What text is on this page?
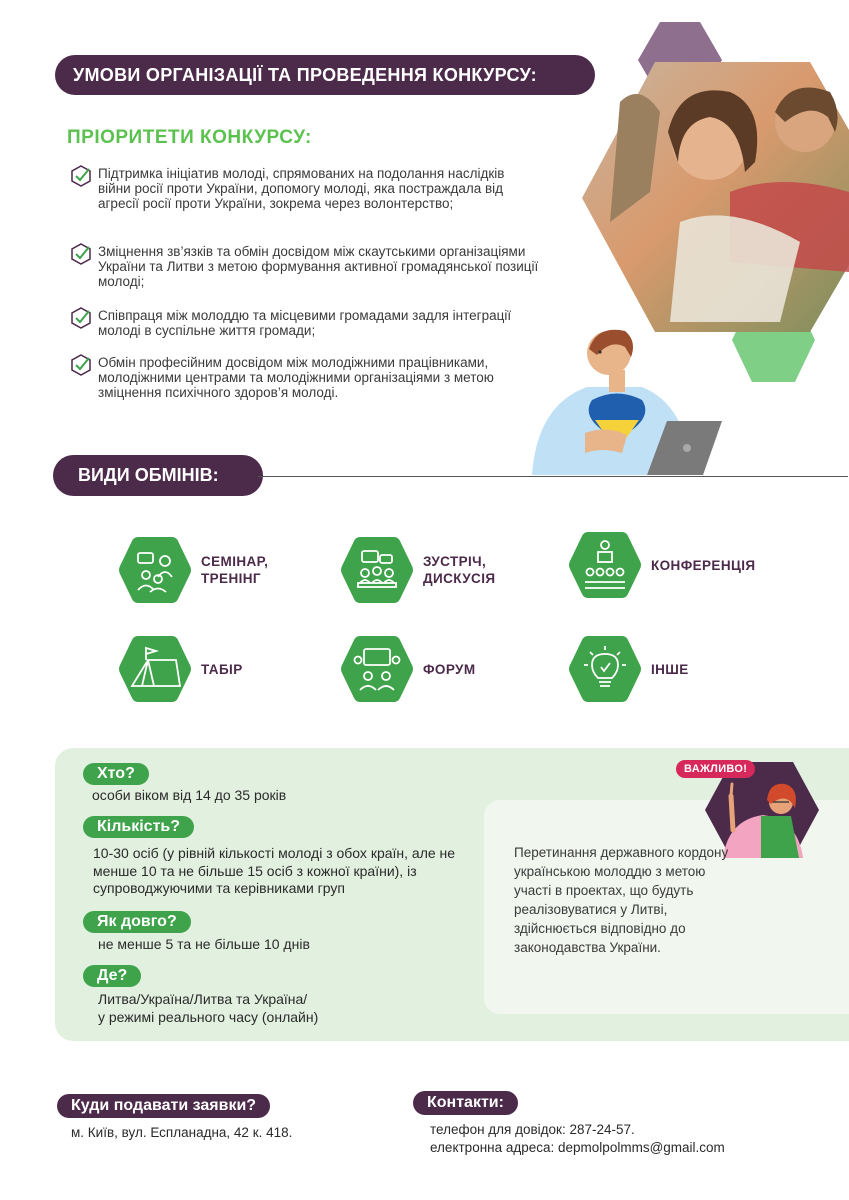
УМОВИ ОРГАНІЗАЦІЇ ТА ПРОВЕДЕННЯ КОНКУРСУ:
ПРІОРИТЕТИ КОНКУРСУ:
Підтримка ініціатив молоді, спрямованих на подолання наслідків війни росії проти України, допомогу молоді, яка постраждала від агресії росії проти України, зокрема через волонтерство;
Зміцнення зв’язків та обмін досвідом між скаутськими організаціями України та Литви з метою формування активної громадянської позиції молоді;
Співпраця між молоддю та місцевими громадами задля інтеграції молоді в суспільне життя громади;
Обмін професійним досвідом між молодіжними працівниками, молодіжними центрами та молодіжними організаціями з метою зміцнення психічного здоров’я молоді.
ВИДИ ОБМІНІВ:
СЕМІНАР,
ТРЕНІНГ
ЗУСТРІЧ,
ДИСКУСІЯ
КОНФЕРЕНЦІЯ
ТАБІР	ФОРУМ	ІНШЕ
Хто?
особи віком від 14 до 35 років
Кількість?
10-30 осіб (у рівній кількості молоді з обох країн, але не менше 10 та не більше 15 осіб з кожної країни), із супроводжуючими та керівниками груп
Як довго?
не менше 5 та не більше 10 днів
Де?
Литва/Україна/Литва та Україна/
у режимі реального часу (онлайн)
ВАЖЛИВО!
Перетинання державного кордону українською молоддю з метою участі в проектах, що будуть реалізовуватися у Литві, здійснюється відповідно до законодавства України.
Куди подавати заявки?
м. Київ, вул. Еспланадна, 42 к. 418.
Контакти:
телефон для довідок: 287-24-57.
електронна адреса: depmolpolmms@gmail.com
